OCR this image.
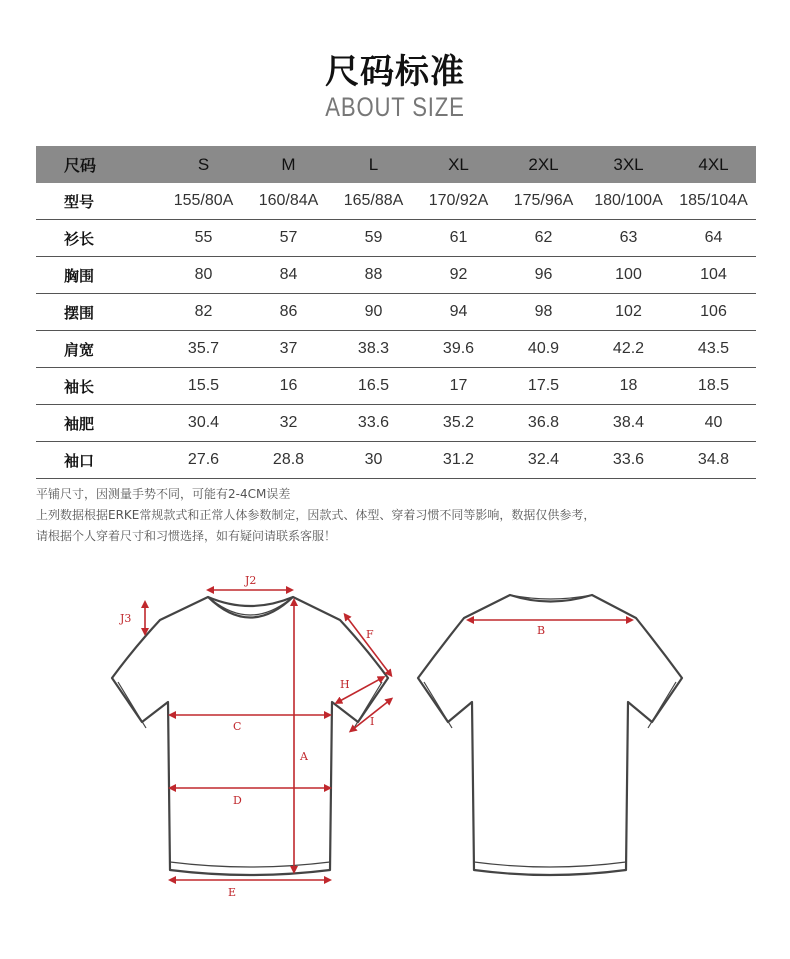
尺码标准
ABOUT SIZE
尺码	S	M	L	XL	2XL	3XL	4XL
型号	155/80A	160/84A	165/88A	170/92A	175/96A	180/100A	185/104A
衫长	55	57	59	61	62	63	64
胸围	80	84	88	92	96	100	104
摆围	82	86	90	94	98	102	106
肩宽	35.7	37	38.3	39.6	40.9	42.2	43.5
袖长	15.5	16	16.5	17	17.5	18	18.5
袖肥	30.4	32	33.6	35.2	36.8	38.4	40
袖口	27.6	28.8	30	31.2	32.4	33.6	34.8
平铺尺寸，因测量手势不同，可能有2-4CM误差
上列数据根据ERKE常规款式和正常人体参数制定，因款式、体型、穿着习惯不同等影响，数据仅供参考，
请根据个人穿着尺寸和习惯选择，如有疑问请联系客服！
J2
J3
A
C
D
E
F
H
I
B
